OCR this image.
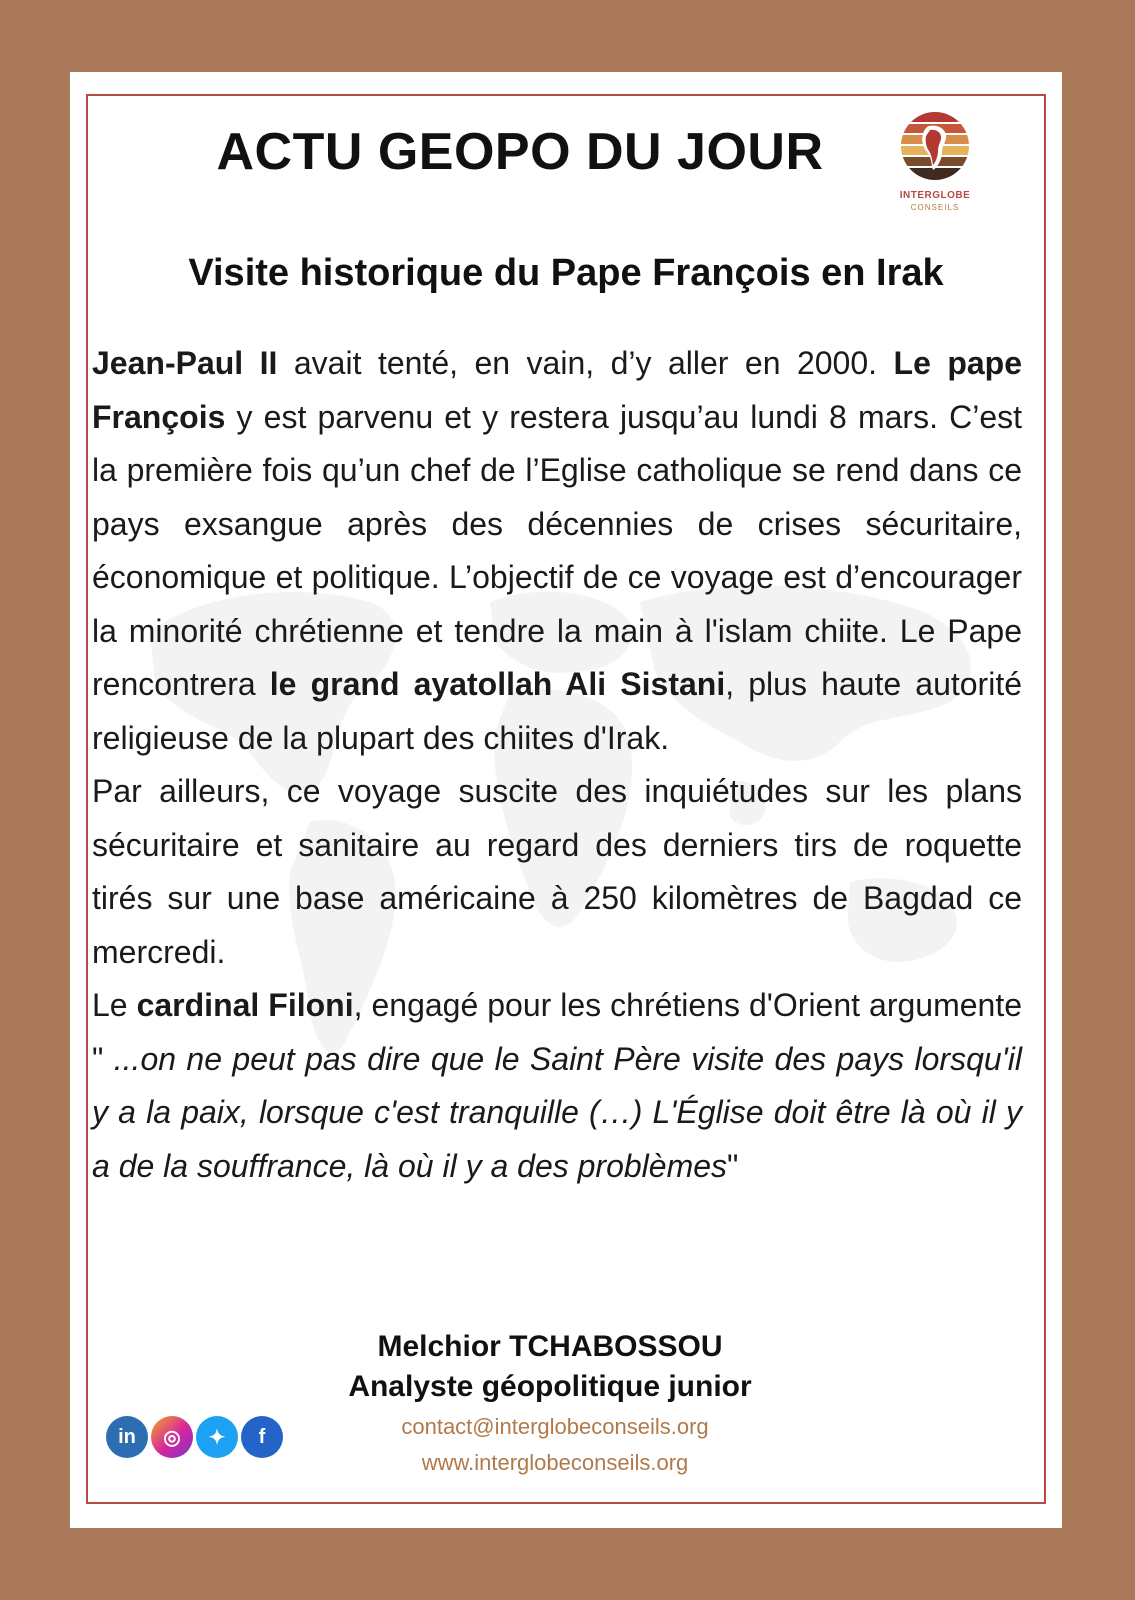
ACTU GEOPO DU JOUR
INTERGLOBE
CONSEILS
Visite historique du Pape François en Irak

Jean-Paul II avait tenté, en vain, d’y aller en 2000. Le pape François y est parvenu et y restera jusqu’au lundi 8 mars. C’est la première fois qu’un chef de l’Eglise catholique se rend dans ce pays exsangue après des décennies de crises sécuritaire, économique et politique. L’objectif de ce voyage est d’encourager la minorité chrétienne et tendre la main à l'islam chiite. Le Pape rencontrera le grand ayatollah Ali Sistani, plus haute autorité religieuse de la plupart des chiites d'Irak.

Par ailleurs, ce voyage suscite des inquiétudes sur les plans sécuritaire et sanitaire au regard des derniers tirs de roquette tirés sur une base américaine à 250 kilomètres de Bagdad ce mercredi.

Le cardinal Filoni, engagé pour les chrétiens d'Orient argumente " ...on ne peut pas dire que le Saint Père visite des pays lorsqu'il y a la paix, lorsque c'est tranquille (…) L'Église doit être là où il y a de la souffrance, là où il y a des problèmes"

Melchior TCHABOSSOU
Analyste géopolitique junior
contact@interglobeconseils.org
www.interglobeconseils.org
in	◎	✦	f
